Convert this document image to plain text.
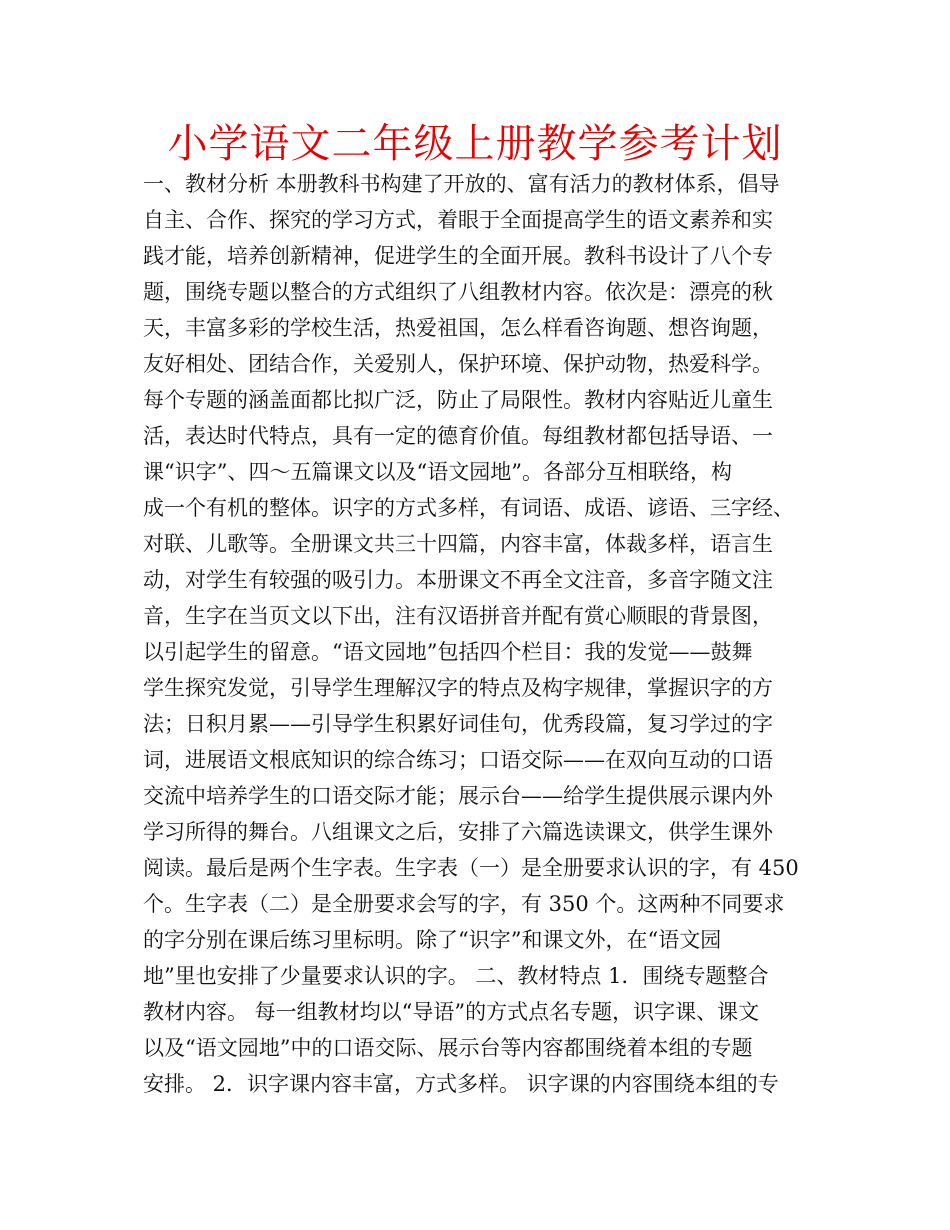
小学语文二年级上册教学参考计划
一、教材分析 本册教科书构建了开放的、富有活力的教材体系，倡导
自主、合作、探究的学习方式，着眼于全面提高学生的语文素养和实
践才能，培养创新精神，促进学生的全面开展。教科书设计了八个专
题，围绕专题以整合的方式组织了八组教材内容。依次是：漂亮的秋
天，丰富多彩的学校生活，热爱祖国，怎么样看咨询题、想咨询题，
友好相处、团结合作，关爱别人，保护环境、保护动物，热爱科学。
每个专题的涵盖面都比拟广泛，防止了局限性。教材内容贴近儿童生
活，表达时代特点，具有一定的德育价值。每组教材都包括导语、一
课“识字”、四～五篇课文以及“语文园地”。各部分互相联络，构
成一个有机的整体。识字的方式多样，有词语、成语、谚语、三字经、
对联、儿歌等。全册课文共三十四篇，内容丰富，体裁多样，语言生
动，对学生有较强的吸引力。本册课文不再全文注音，多音字随文注
音，生字在当页文以下出，注有汉语拼音并配有赏心顺眼的背景图，
以引起学生的留意。“语文园地”包括四个栏目：我的发觉——鼓舞
学生探究发觉，引导学生理解汉字的特点及构字规律，掌握识字的方
法；日积月累——引导学生积累好词佳句，优秀段篇，复习学过的字
词，进展语文根底知识的综合练习；口语交际——在双向互动的口语
交流中培养学生的口语交际才能；展示台——给学生提供展示课内外
学习所得的舞台。八组课文之后，安排了六篇选读课文，供学生课外
阅读。最后是两个生字表。生字表（一）是全册要求认识的字，有 450
个。生字表（二）是全册要求会写的字，有 350 个。这两种不同要求
的字分别在课后练习里标明。除了“识字”和课文外，在“语文园
地”里也安排了少量要求认识的字。 二、教材特点 1．围绕专题整合
教材内容。 每一组教材均以“导语”的方式点名专题，识字课、课文
以及“语文园地”中的口语交际、展示台等内容都围绕着本组的专题
安排。 2．识字课内容丰富，方式多样。 识字课的内容围绕本组的专
